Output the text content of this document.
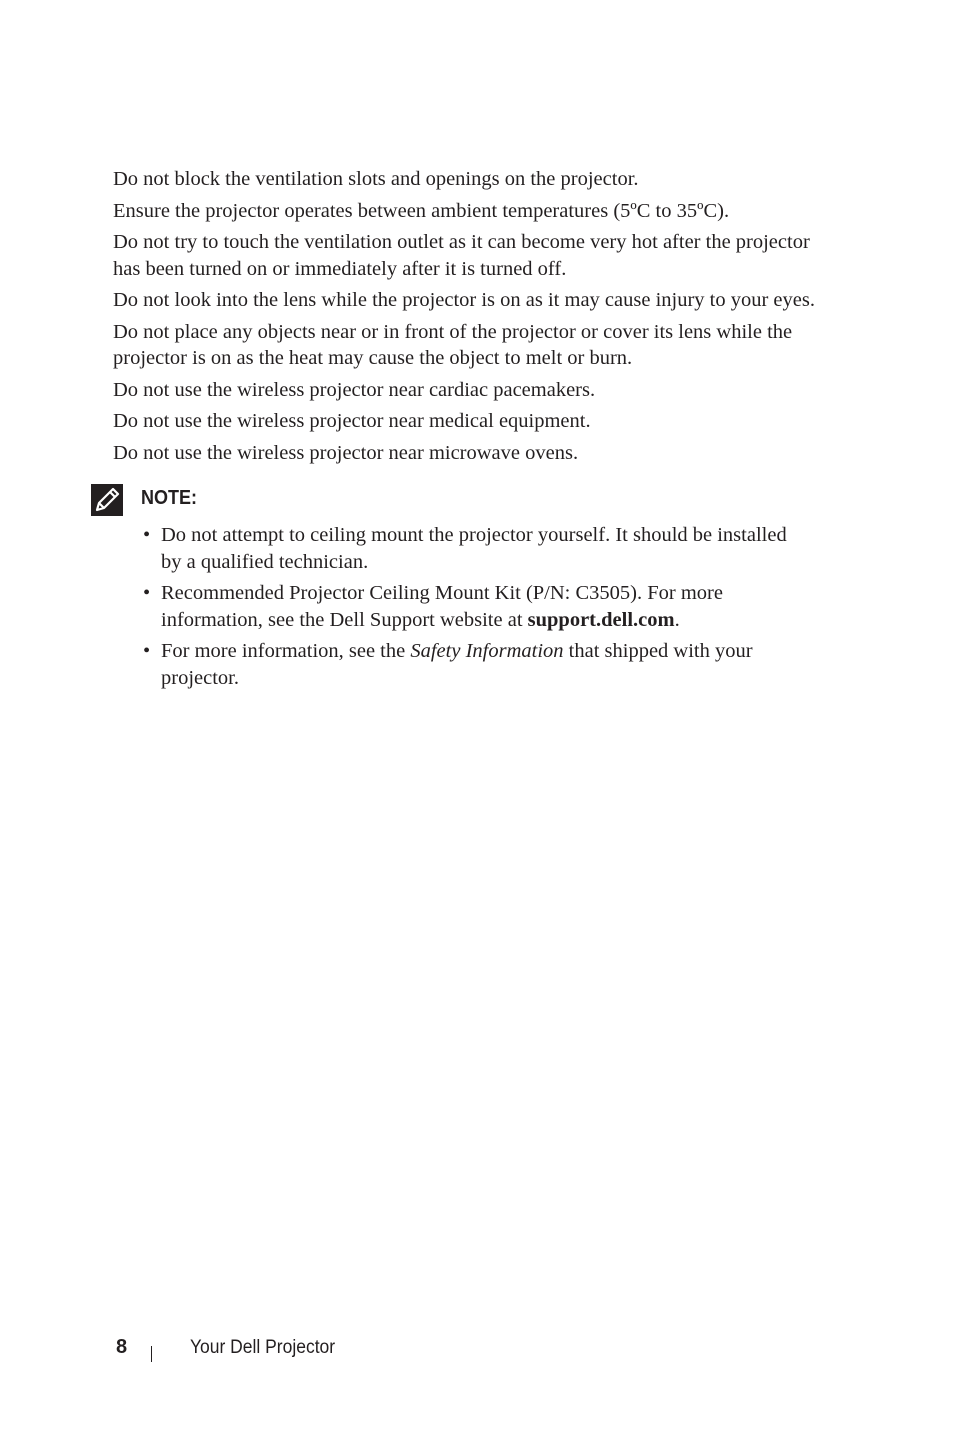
Do not block the ventilation slots and openings on the projector.
Ensure the projector operates between ambient temperatures (5ºC to 35ºC).
Do not try to touch the ventilation outlet as it can become very hot after the projector has been turned on or immediately after it is turned off.
Do not look into the lens while the projector is on as it may cause injury to your eyes.
Do not place any objects near or in front of the projector or cover its lens while the projector is on as the heat may cause the object to melt or burn.
Do not use the wireless projector near cardiac pacemakers.
Do not use the wireless projector near medical equipment.
Do not use the wireless projector near microwave ovens.
NOTE:
• Do not attempt to ceiling mount the projector yourself. It should be installed by a qualified technician.
• Recommended Projector Ceiling Mount Kit (P/N: C3505). For more information, see the Dell Support website at support.dell.com.
• For more information, see the Safety Information that shipped with your projector.
8	Your Dell Projector
